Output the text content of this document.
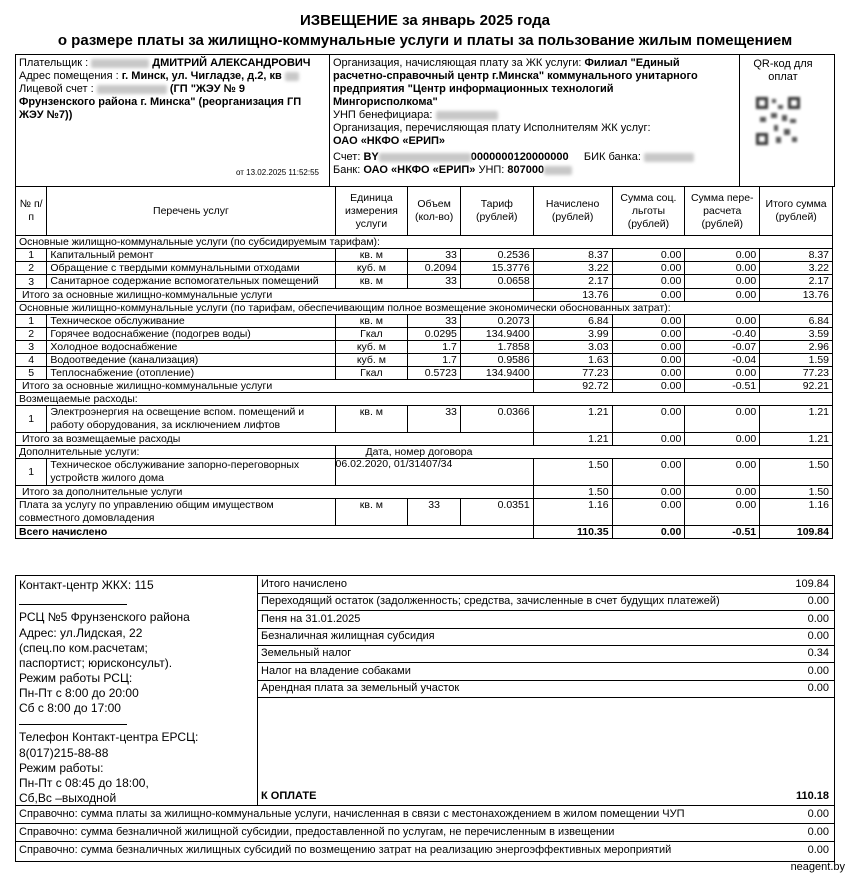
ИЗВЕЩЕНИЕ за январь 2025 года
о размере платы за жилищно-коммунальные услуги и платы за пользование жилым помещением
Плательщик :	ДМИТРИЙ АЛЕКСАНДРОВИЧ
Адрес помещения : г. Минск, ул. Чигладзе, д.2, кв
Лицевой счет :	(ГП "ЖЭУ № 9
Фрунзенского района г. Минска" (реорганизация ГП
ЖЭУ №7))
от 13.02.2025 11:52:55
Организация, начисляющая плату за ЖК услуги: Филиал "Единый
расчетно-справочный центр г.Минска" коммунального унитарного
предприятия "Центр информационных технологий
Мингорисполкома"
УНП бенефициара:
Организация, перечисляющая плату Исполнителям ЖК услуг:
ОАО «НКФО «ЕРИП»
Счет: BY	0000000120000000 БИК банка:
Банк: ОАО «НКФО «ЕРИП» УНП: 807000
QR-код для оплат
№ п/п	Перечень услуг	Единица измерения услуги	Объем (кол-во)	Тариф (рублей)	Начислено (рублей)	Сумма соц. льготы (рублей)	Сумма пере-расчета (рублей)	Итого сумма (рублей)
Основные жилищно-коммунальные услуги (по субсидируемым тарифам):								
1	Капитальный ремонт	кв. м	33	0.2536	8.37	0.00	0.00	8.37
2	Обращение с твердыми коммунальными отходами	куб. м	0.2094	15.3776	3.22	0.00	0.00	3.22
3	Санитарное содержание вспомогательных помещений	кв. м	33	0.0658	2.17	0.00	0.00	2.17
Итого за основные жилищно-коммунальные услуги					13.76	0.00	0.00	13.76
Основные жилищно-коммунальные услуги (по тарифам, обеспечивающим полное возмещение экономически обоснованных затрат):								
1	Техническое обслуживание	кв. м	33	0.2073	6.84	0.00	0.00	6.84
2	Горячее водоснабжение (подогрев воды)	Гкал	0.0295	134.9400	3.99	0.00	-0.40	3.59
3	Холодное водоснабжение	куб. м	1.7	1.7858	3.03	0.00	-0.07	2.96
4	Водоотведение (канализация)	куб. м	1.7	0.9586	1.63	0.00	-0.04	1.59
5	Теплоснабжение (отопление)	Гкал	0.5723	134.9400	77.23	0.00	0.00	77.23
Итого за основные жилищно-коммунальные услуги					92.72	0.00	-0.51	92.21
Возмещаемые расходы:								
1	Электроэнергия на освещение вспом. помещений и работу оборудования, за исключением лифтов	кв. м	33	0.0366	1.21	0.00	0.00	1.21
Итого за возмещаемые расходы					1.21	0.00	0.00	1.21
Дополнительные услуги:		Дата, номер договора						
1	Техническое обслуживание запорно-переговорных устройств жилого дома	06.02.2020, 01/31407/34			1.50	0.00	0.00	1.50
Итого за дополнительные услуги					1.50	0.00	0.00	1.50
Плата за услугу по управлению общим имуществом совместного домовладения		кв. м	33	0.0351	1.16	0.00	0.00	1.16
Всего начислено					110.35	0.00	-0.51	109.84
Контакт-центр ЖКХ: 115
РСЦ №5 Фрунзенского района
Адрес: ул.Лидская, 22
(спец.по ком.расчетам;
паспортист; юрисконсульт).
Режим работы РСЦ:
Пн-Пт с 8:00 до 20:00
Сб с 8:00 до 17:00
Телефон Контакт-центра ЕРСЦ:
8(017)215-88-88
Режим работы:
Пн-Пт с 08:45 до 18:00,
Сб,Вс –выходной
Итого начислено	109.84
Переходящий остаток (задолженность; средства, зачисленные в счет будущих платежей)	0.00
Пеня на 31.01.2025	0.00
Безналичная жилищная субсидия	0.00
Земельный налог	0.34
Налог на владение собаками	0.00
Арендная плата за земельный участок	0.00
К ОПЛАТЕ	110.18
Справочно: сумма платы за жилищно-коммунальные услуги, начисленная в связи с местонахождением в жилом помещении ЧУП	0.00
Справочно: сумма безналичной жилищной субсидии, предоставленной по услугам, не перечисленным в извещении	0.00
Справочно: сумма безналичных жилищных субсидий по возмещению затрат на реализацию энергоэффективных мероприятий	0.00
neagent.by
